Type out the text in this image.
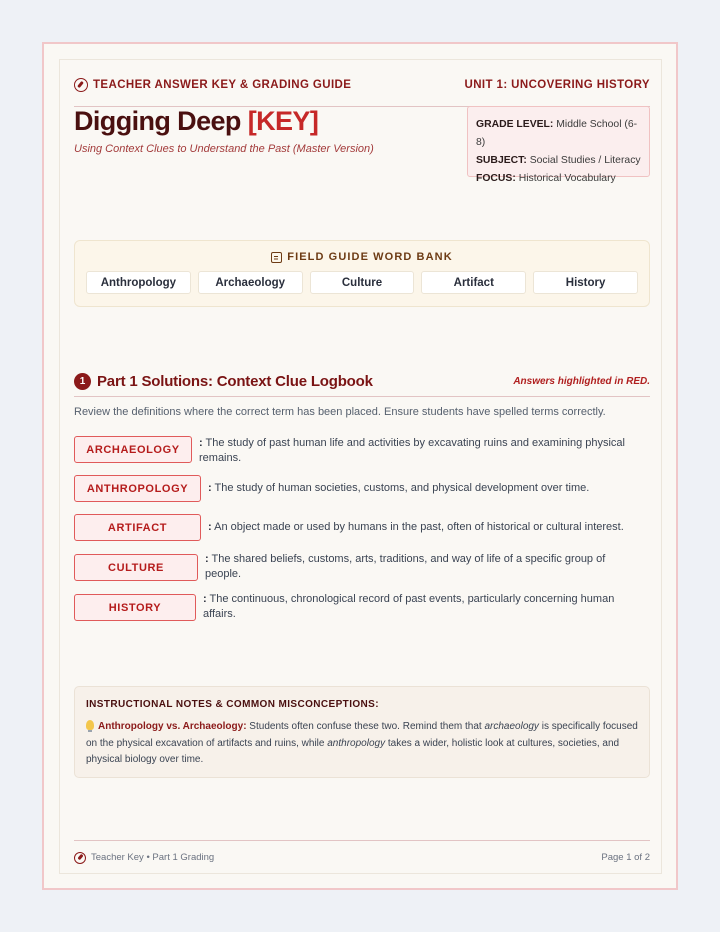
TEACHER ANSWER KEY & GRADING GUIDE	UNIT 1: UNCOVERING HISTORY
Digging Deep [KEY]
Using Context Clues to Understand the Past (Master Version)
GRADE LEVEL: Middle School (6-8)
SUBJECT: Social Studies / Literacy
FOCUS: Historical Vocabulary
FIELD GUIDE WORD BANK
Anthropology	Archaeology	Culture	Artifact	History
1 Part 1 Solutions: Context Clue Logbook	Answers highlighted in RED.
Review the definitions where the correct term has been placed. Ensure students have spelled terms correctly.
ARCHAEOLOGY
: The study of past human life and activities by excavating ruins and examining physical remains.
ANTHROPOLOGY	: The study of human societies, customs, and physical development over time.
ARTIFACT	: An object made or used by humans in the past, often of historical or cultural interest.
CULTURE
: The shared beliefs, customs, arts, traditions, and way of life of a specific group of people.
HISTORY
: The continuous, chronological record of past events, particularly concerning human affairs.
INSTRUCTIONAL NOTES & COMMON MISCONCEPTIONS:
Anthropology vs. Archaeology: Students often confuse these two. Remind them that archaeology is specifically focused on the physical excavation of artifacts and ruins, while anthropology takes a wider, holistic look at cultures, societies, and physical biology over time.
Teacher Key • Part 1 Grading	Page 1 of 2
